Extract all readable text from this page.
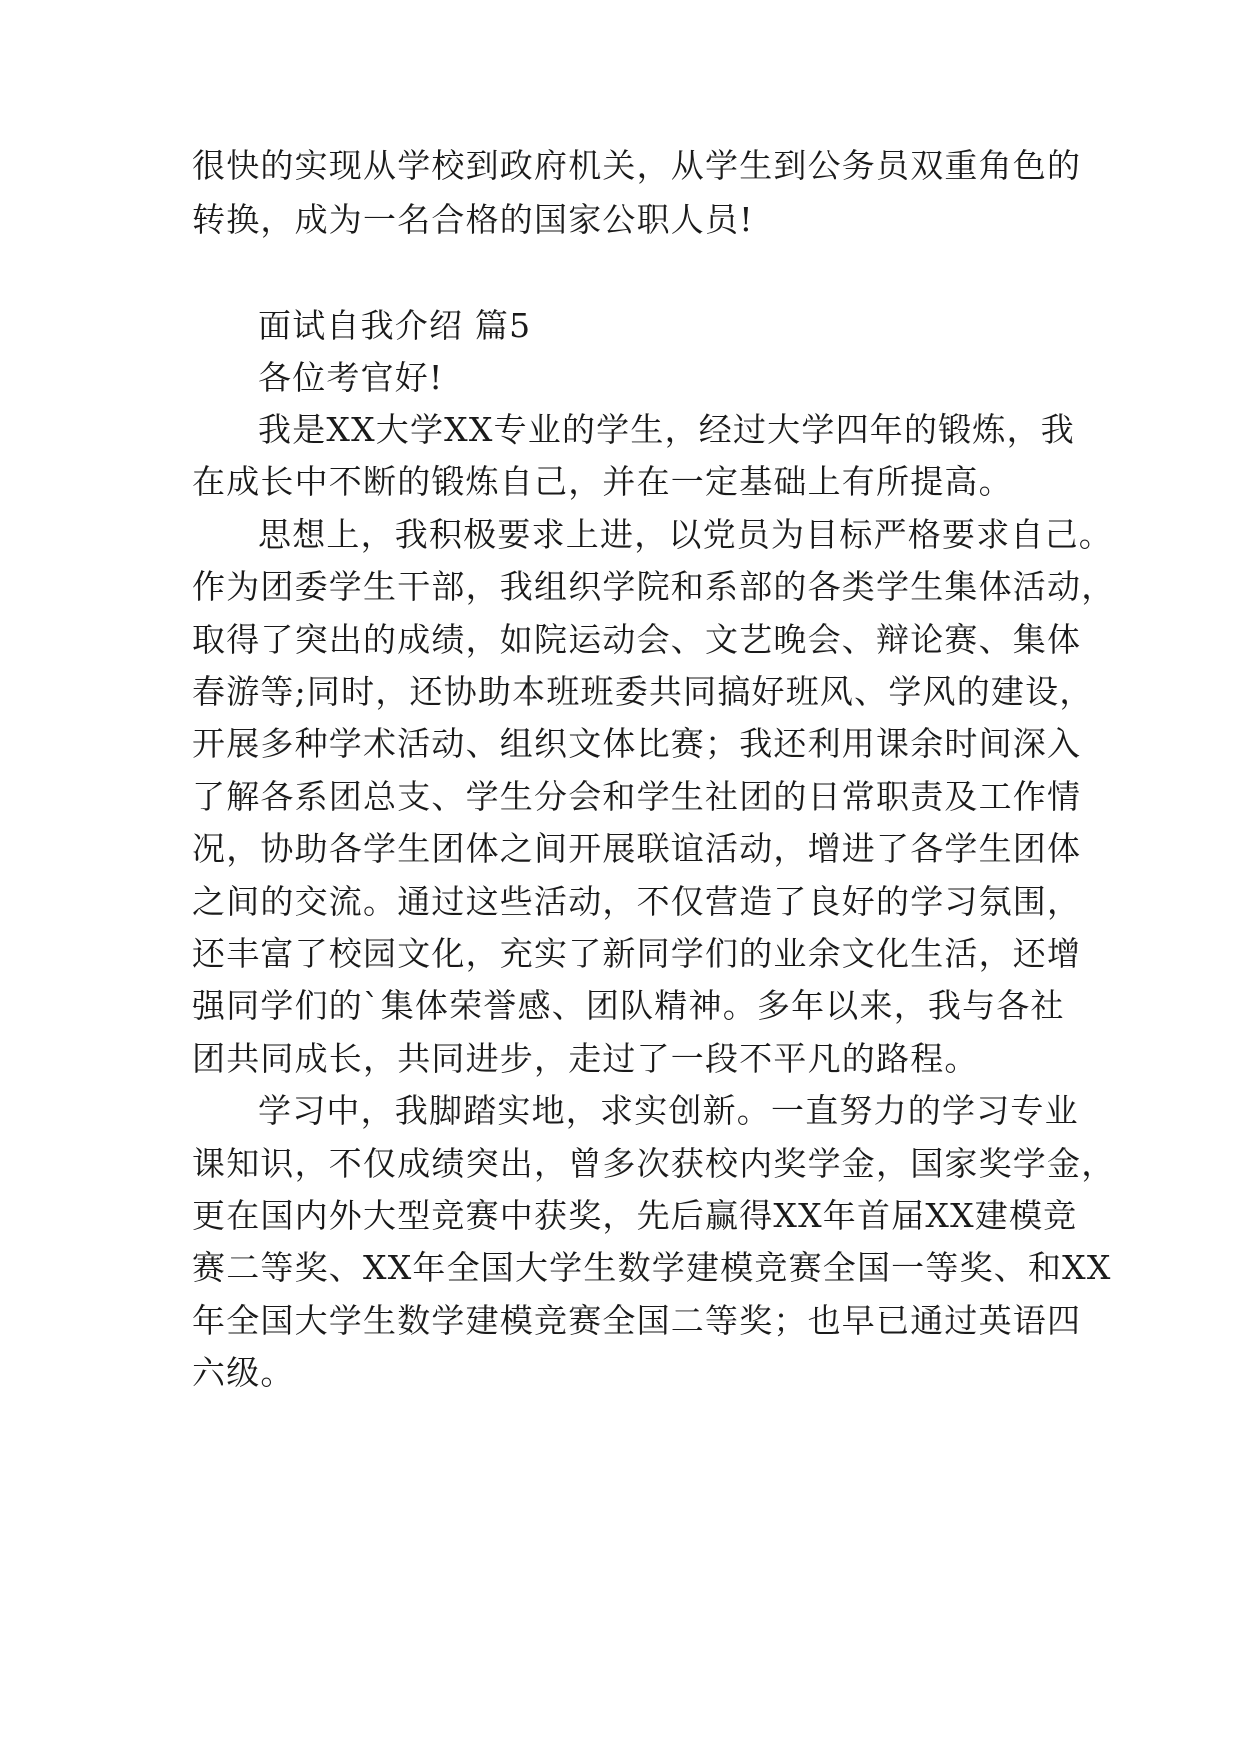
很快的实现从学校到政府机关，从学生到公务员双重角色的
转换，成为一名合格的国家公职人员!
面试自我介绍 篇5
各位考官好!
我是XX大学XX专业的学生，经过大学四年的锻炼，我
在成长中不断的锻炼自己，并在一定基础上有所提高。
思想上，我积极要求上进，以党员为目标严格要求自己。
作为团委学生干部，我组织学院和系部的各类学生集体活动，
取得了突出的成绩，如院运动会、文艺晚会、辩论赛、集体
春游等;同时，还协助本班班委共同搞好班风、学风的建设，
开展多种学术活动、组织文体比赛；我还利用课余时间深入
了解各系团总支、学生分会和学生社团的日常职责及工作情
况，协助各学生团体之间开展联谊活动，增进了各学生团体
之间的交流。通过这些活动，不仅营造了良好的学习氛围，
还丰富了校园文化，充实了新同学们的业余文化生活，还增
强同学们的`集体荣誉感、团队精神。多年以来，我与各社
团共同成长，共同进步，走过了一段不平凡的路程。
学习中，我脚踏实地，求实创新。一直努力的学习专业
课知识，不仅成绩突出，曾多次获校内奖学金，国家奖学金，
更在国内外大型竞赛中获奖，先后赢得XX年首届XX建模竞
赛二等奖、XX年全国大学生数学建模竞赛全国一等奖、和XX
年全国大学生数学建模竞赛全国二等奖；也早已通过英语四
六级。
